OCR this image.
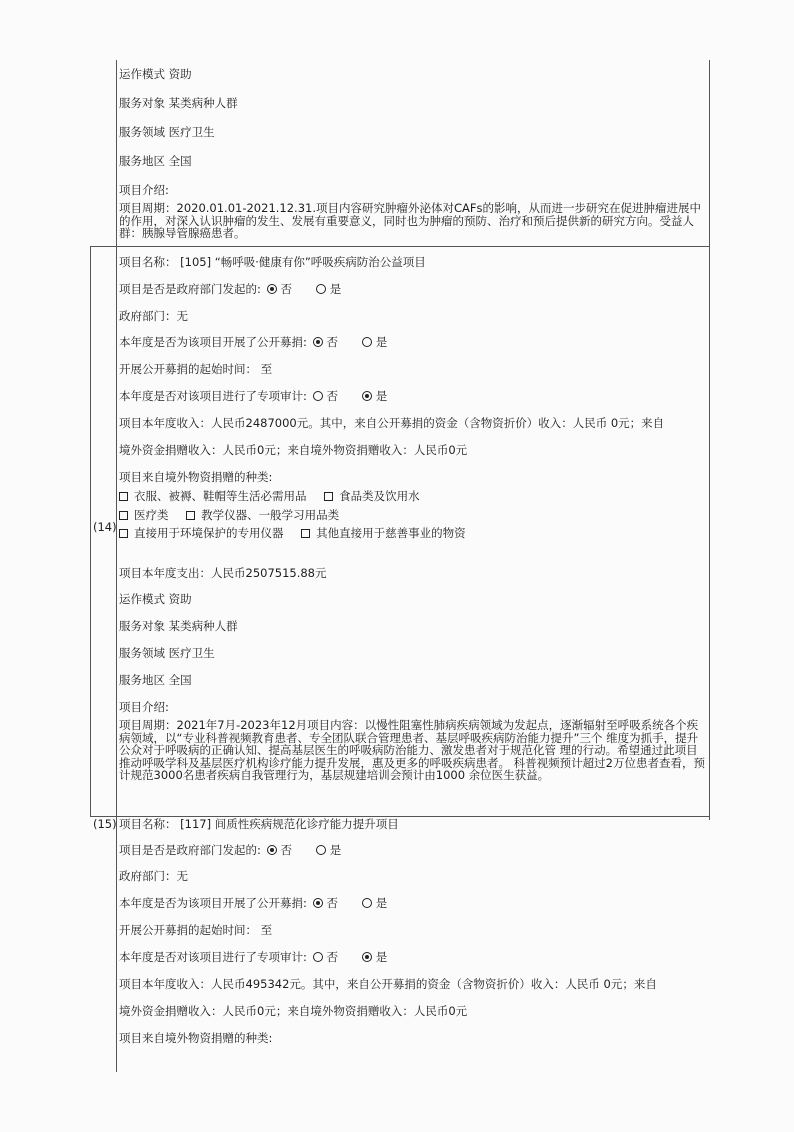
运作模式 资助
服务对象 某类病种人群
服务领域 医疗卫生
服务地区 全国
项目介绍:
项目周期：2020.01.01-2021.12.31.项目内容研究肿瘤外泌体对CAFs的影响，从而进一步研究在促进肿瘤进展中的作用，对深入认识肿瘤的发生、发展有重要意义，同时也为肿瘤的预防、治疗和预后提供新的研究方向。受益人群：胰腺导管腺癌患者。
(14)
项目名称： [105] “畅呼吸·健康有你”呼吸疾病防治公益项目
项目是否是政府部门发起的: 否	是
政府部门：无
本年度是否为该项目开展了公开募捐: 否	是
开展公开募捐的起始时间： 至
本年度是否对该项目进行了专项审计: 否	是
项目本年度收入：人民币2487000元。其中，来自公开募捐的资金（含物资折价）收入：人民币 0元；来自
境外资金捐赠收入：人民币0元；来自境外物资捐赠收入：人民币0元
项目来自境外物资捐赠的种类:
衣服、被褥、鞋帽等生活必需用品	食品类及饮用水
医疗类	教学仪器、一般学习用品类
直接用于环境保护的专用仪器	其他直接用于慈善事业的物资
项目本年度支出：人民币2507515.88元
运作模式 资助
服务对象 某类病种人群
服务领域 医疗卫生
服务地区 全国
项目介绍:
项目周期：2021年7月-2023年12月项目内容：以慢性阻塞性肺病疾病领域为发起点，逐渐辐射至呼吸系统各个疾病领域，以“专业科普视频教育患者、专全团队联合管理患者、基层呼吸疾病防治能力提升”三个 维度为抓手，提升公众对于呼吸病的正确认知、提高基层医生的呼吸病防治能力、激发患者对于规范化管 理的行动。希望通过此项目推动呼吸学科及基层医疗机构诊疗能力提升发展，惠及更多的呼吸疾病患者。 科普视频预计超过2万位患者查看，预计规范3000名患者疾病自我管理行为，基层规建培训会预计由1000 余位医生获益。
(15) 项目名称： [117] 间质性疾病规范化诊疗能力提升项目
项目是否是政府部门发起的: 否	是
政府部门：无
本年度是否为该项目开展了公开募捐: 否	是
开展公开募捐的起始时间： 至
本年度是否对该项目进行了专项审计: 否	是
项目本年度收入：人民币495342元。其中，来自公开募捐的资金（含物资折价）收入：人民币 0元；来自
境外资金捐赠收入：人民币0元；来自境外物资捐赠收入：人民币0元
项目来自境外物资捐赠的种类:
